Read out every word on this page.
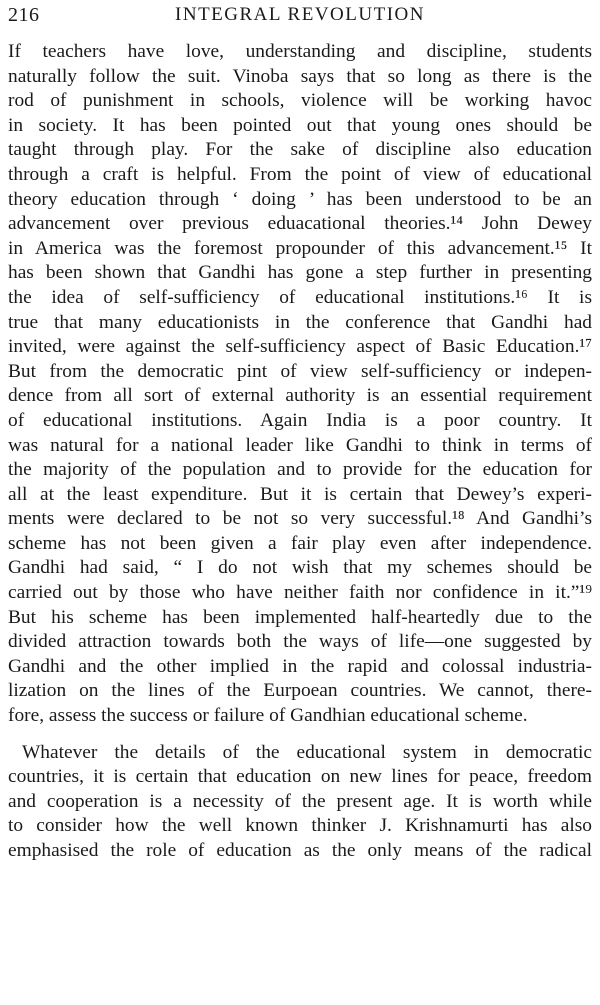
216	INTEGRAL REVOLUTION
If teachers have love, understanding and discipline, students
naturally follow the suit. Vinoba says that so long as there is the
rod of punishment in schools, violence will be working havoc
in society. It has been pointed out that young ones should be
taught through play. For the sake of discipline also education
through a craft is helpful. From the point of view of educational
theory education through ‘ doing ’ has been understood to be an
advancement over previous eduacational theories.¹⁴ John Dewey
in America was the foremost propounder of this advancement.¹⁵ It
has been shown that Gandhi has gone a step further in presenting
the idea of self-sufficiency of educational institutions.¹⁶ It is
true that many educationists in the conference that Gandhi had
invited, were against the self-sufficiency aspect of Basic Education.¹⁷
But from the democratic pint of view self-sufficiency or indepen-
dence from all sort of external authority is an essential requirement
of educational institutions. Again India is a poor country. It
was natural for a national leader like Gandhi to think in terms of
the majority of the population and to provide for the education for
all at the least expenditure. But it is certain that Dewey’s experi-
ments were declared to be not so very successful.¹⁸ And Gandhi’s
scheme has not been given a fair play even after independence.
Gandhi had said, “ I do not wish that my schemes should be
carried out by those who have neither faith nor confidence in it.”¹⁹
But his scheme has been implemented half-heartedly due to the
divided attraction towards both the ways of life—one suggested by
Gandhi and the other implied in the rapid and colossal industria-
lization on the lines of the Eurpoean countries. We cannot, there-
fore, assess the success or failure of Gandhian educational scheme.
Whatever the details of the educational system in democratic
countries, it is certain that education on new lines for peace, freedom
and cooperation is a necessity of the present age. It is worth while
to consider how the well known thinker J. Krishnamurti has also
emphasised the role of education as the only means of the radical
